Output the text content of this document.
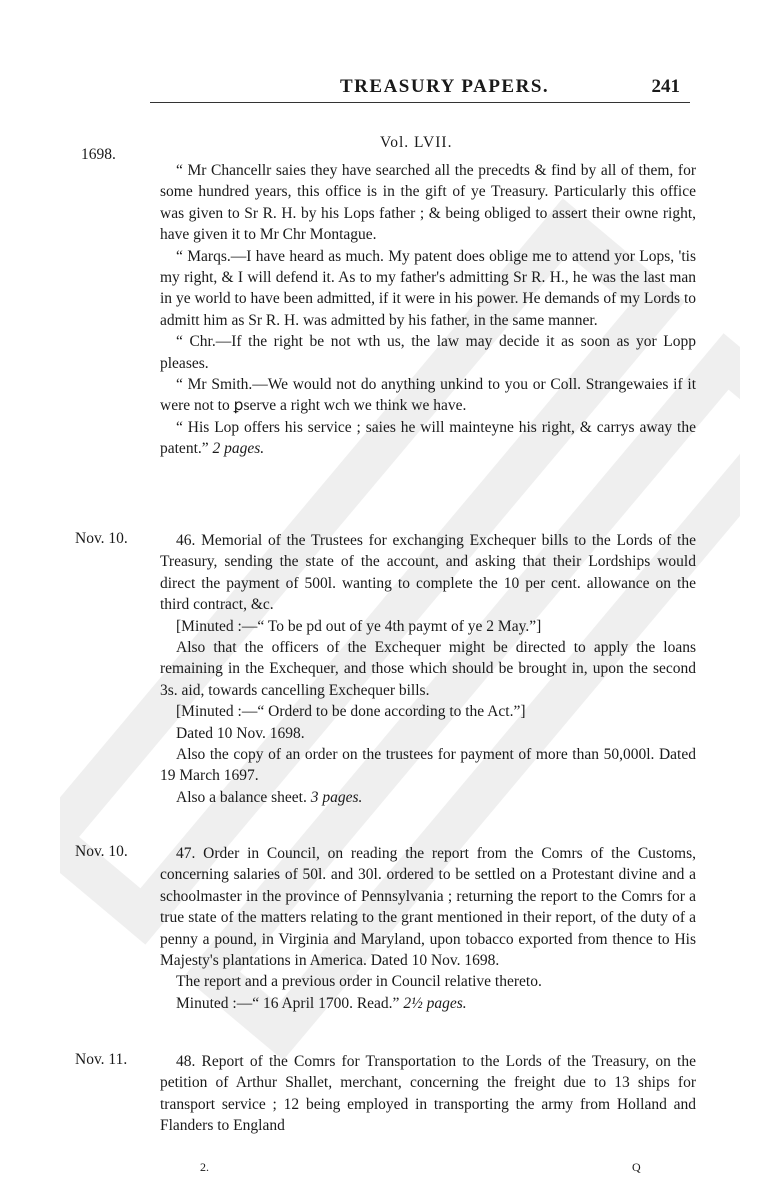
TREASURY PAPERS.	241
1698.
Vol. LVII.

“ Mr Chancellr saies they have searched all the precedts & find by all of them, for some hundred years, this office is in the gift of ye Treasury. Particularly this office was given to Sr R. H. by his Lops father ; & being obliged to assert their owne right, have given it to Mr Chr Montague.

“ Marqs.—I have heard as much. My patent does oblige me to attend yor Lops, 'tis my right, & I will defend it. As to my father's admitting Sr R. H., he was the last man in ye world to have been admitted, if it were in his power. He demands of my Lords to admitt him as Sr R. H. was admitted by his father, in the same manner.

“ Chr.—If the right be not wth us, the law may decide it as soon as yor Lopp pleases.

“ Mr Smith.—We would not do anything unkind to you or Coll. Strangewaies if it were not to ꝑserve a right wch we think we have.

“ His Lop offers his service ; saies he will mainteyne his right, & carrys away the patent.” 2 pages.

Nov. 10.	46. Memorial of the Trustees for exchanging Exchequer bills to the Lords of the Treasury, sending the state of the account, and asking that their Lordships would direct the payment of 500l. wanting to complete the 10 per cent. allowance on the third contract, &c.

[Minuted :—“ To be pd out of ye 4th paymt of ye 2 May.”]

Also that the officers of the Exchequer might be directed to apply the loans remaining in the Exchequer, and those which should be brought in, upon the second 3s. aid, towards cancelling Exchequer bills.

[Minuted :—“ Orderd to be done according to the Act.”]

Dated 10 Nov. 1698.

Also the copy of an order on the trustees for payment of more than 50,000l. Dated 19 March 1697.

Also a balance sheet. 3 pages.

Nov. 10.	47. Order in Council, on reading the report from the Comrs of the Customs, concerning salaries of 50l. and 30l. ordered to be settled on a Protestant divine and a schoolmaster in the province of Pennsylvania ; returning the report to the Comrs for a true state of the matters relating to the grant mentioned in their report, of the duty of a penny a pound, in Virginia and Maryland, upon tobacco exported from thence to His Majesty's plantations in America. Dated 10 Nov. 1698.

The report and a previous order in Council relative thereto.

Minuted :—“ 16 April 1700. Read.” 2½ pages.

Nov. 11.	48. Report of the Comrs for Transportation to the Lords of the Treasury, on the petition of Arthur Shallet, merchant, concerning the freight due to 13 ships for transport service ; 12 being employed in transporting the army from Holland and Flanders to England

2.	Q
